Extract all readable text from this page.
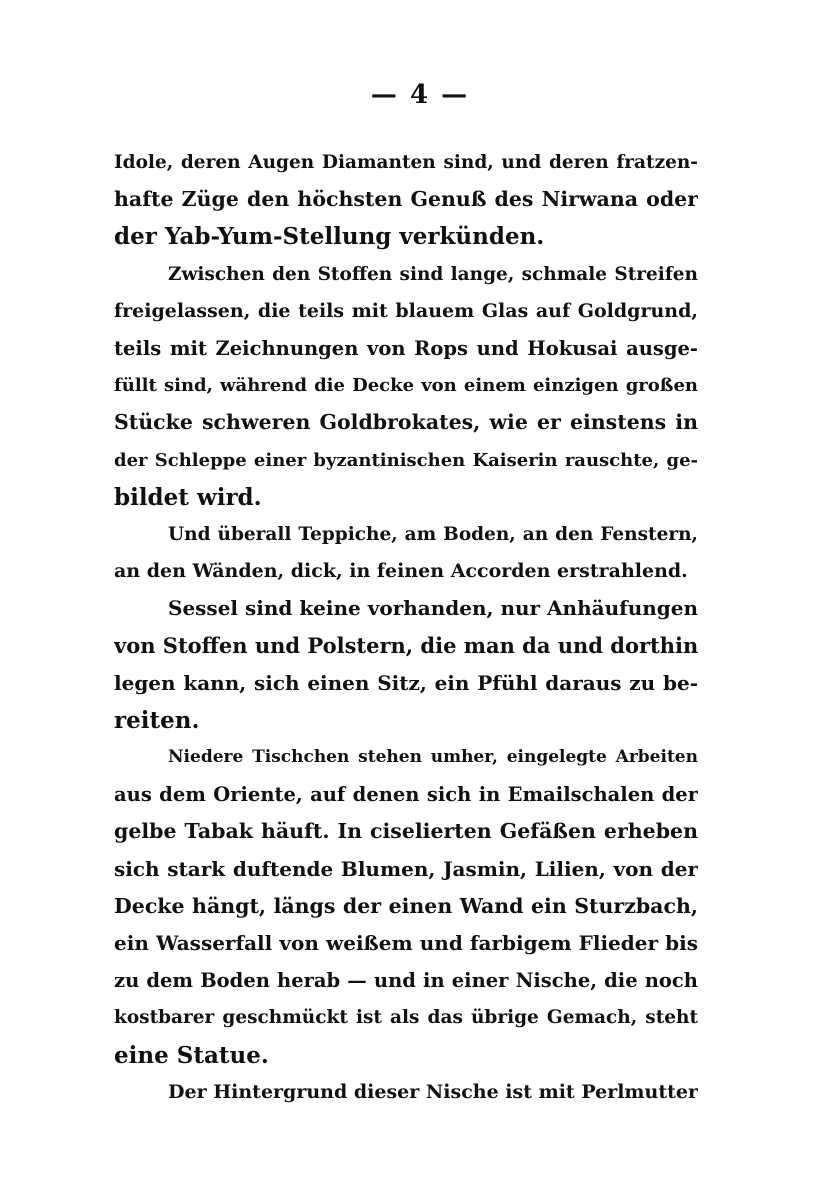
— 4 —
Idole, deren Augen Diamanten sind, und deren fratzen-
hafte Züge den höchsten Genuß des Nirwana oder
der Yab-Yum-Stellung verkünden.
Zwischen den Stoffen sind lange, schmale Streifen
freigelassen, die teils mit blauem Glas auf Goldgrund,
teils mit Zeichnungen von Rops und Hokusai ausge-
füllt sind, während die Decke von einem einzigen großen
Stücke schweren Goldbrokates, wie er einstens in
der Schleppe einer byzantinischen Kaiserin rauschte, ge-
bildet wird.
Und überall Teppiche, am Boden, an den Fenstern,
an den Wänden, dick, in feinen Accorden erstrahlend.
Sessel sind keine vorhanden, nur Anhäufungen
von Stoffen und Polstern, die man da und dorthin
legen kann, sich einen Sitz, ein Pfühl daraus zu be-
reiten.
Niedere Tischchen stehen umher, eingelegte Arbeiten
aus dem Oriente, auf denen sich in Emailschalen der
gelbe Tabak häuft. In ciselierten Gefäßen erheben
sich stark duftende Blumen, Jasmin, Lilien, von der
Decke hängt, längs der einen Wand ein Sturzbach,
ein Wasserfall von weißem und farbigem Flieder bis
zu dem Boden herab — und in einer Nische, die noch
kostbarer geschmückt ist als das übrige Gemach, steht
eine Statue.
Der Hintergrund dieser Nische ist mit Perlmutter
